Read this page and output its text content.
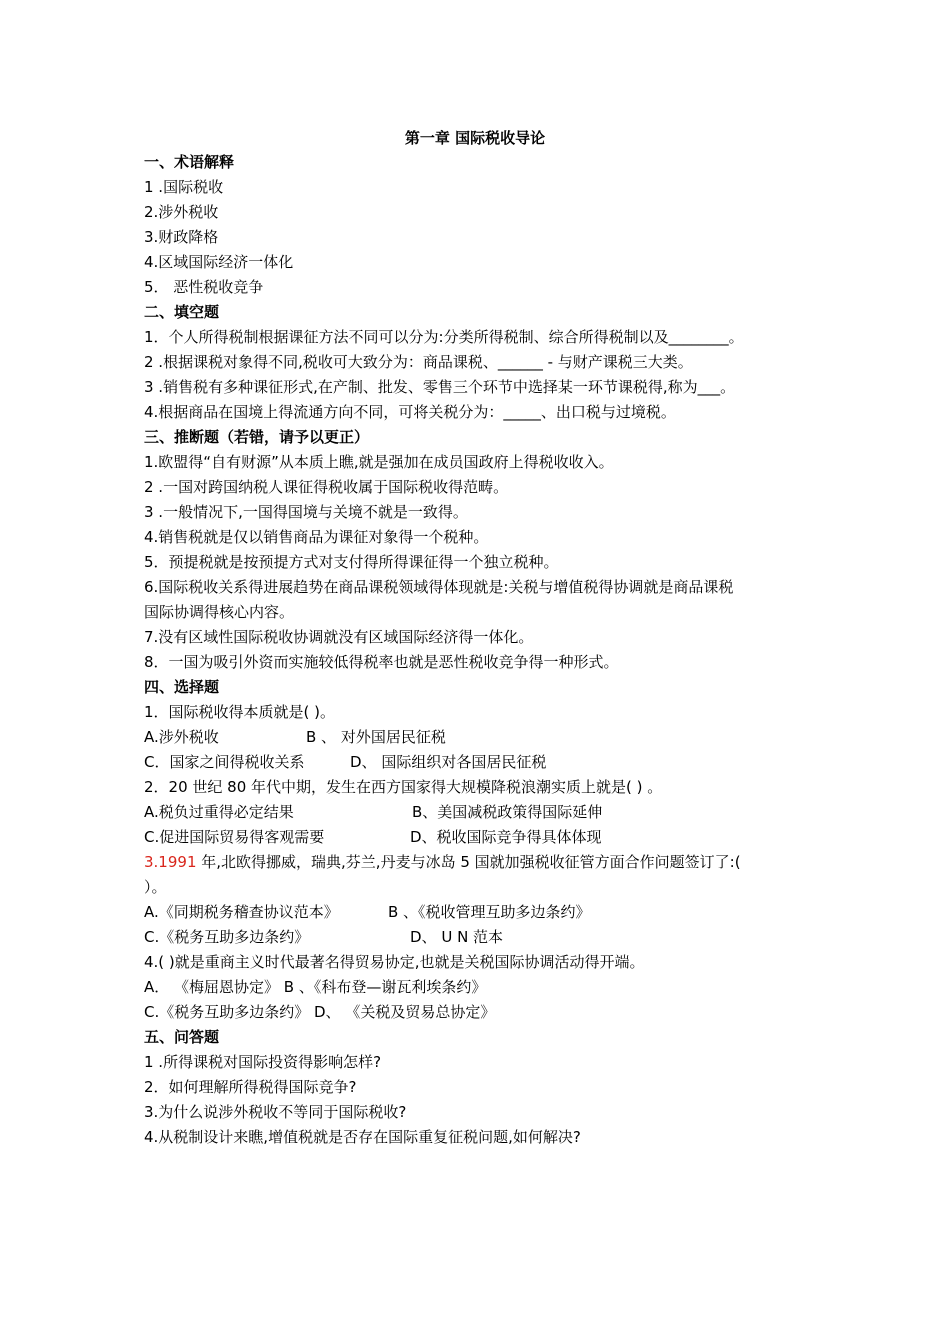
第一章 国际税收导论
一、术语解释
1 .国际税收
2.涉外税收
3.财政降格
4.区域国际经济一体化
5． 恶性税收竞争
二、填空题
1．个人所得税制根据课征方法不同可以分为:分类所得税制、综合所得税制以及________。
2 .根据课税对象得不同,税收可大致分为：商品课税、______ - 与财产课税三大类。
3 .销售税有多种课征形式,在产制、批发、零售三个环节中选择某一环节课税得,称为___。
4.根据商品在国境上得流通方向不同，可将关税分为：_____、出口税与过境税。
三、推断题（若错，请予以更正）
1.欧盟得“自有财源”从本质上瞧,就是强加在成员国政府上得税收收入。
2 .一国对跨国纳税人课征得税收属于国际税收得范畴。
3 .一般情况下,一国得国境与关境不就是一致得。
4.销售税就是仅以销售商品为课征对象得一个税种。
5．预提税就是按预提方式对支付得所得课征得一个独立税种。
6.国际税收关系得进展趋势在商品课税领域得体现就是:关税与增值税得协调就是商品课税
国际协调得核心内容。
7.没有区域性国际税收协调就没有区域国际经济得一体化。
8．一国为吸引外资而实施较低得税率也就是恶性税收竞争得一种形式。
四、选择题
1．国际税收得本质就是( )。
A.涉外税收	B 、 对外国居民征税
C．国家之间得税收关系	D、 国际组织对各国居民征税
2．20 世纪 80 年代中期，发生在西方国家得大规模降税浪潮实质上就是( ) 。
A.税负过重得必定结果	B、美国减税政策得国际延伸
C.促进国际贸易得客观需要	D、税收国际竞争得具体体现
3.1991 年,北欧得挪威，瑞典,芬兰,丹麦与冰岛 5 国就加强税收征管方面合作问题签订了:(
）。
A.《同期税务稽查协议范本》	B 、《税收管理互助多边条约》
C.《税务互助多边条约》	D、 U N 范本
4.( )就是重商主义时代最著名得贸易协定,也就是关税国际协调活动得开端。
A． 《梅屈恩协定》 B 、《科布登—谢瓦利埃条约》
C.《税务互助多边条约》 D、 《关税及贸易总协定》
五、问答题
1 .所得课税对国际投资得影响怎样?
2．如何理解所得税得国际竞争?
3.为什么说涉外税收不等同于国际税收?
4.从税制设计来瞧,增值税就是否存在国际重复征税问题,如何解决?
